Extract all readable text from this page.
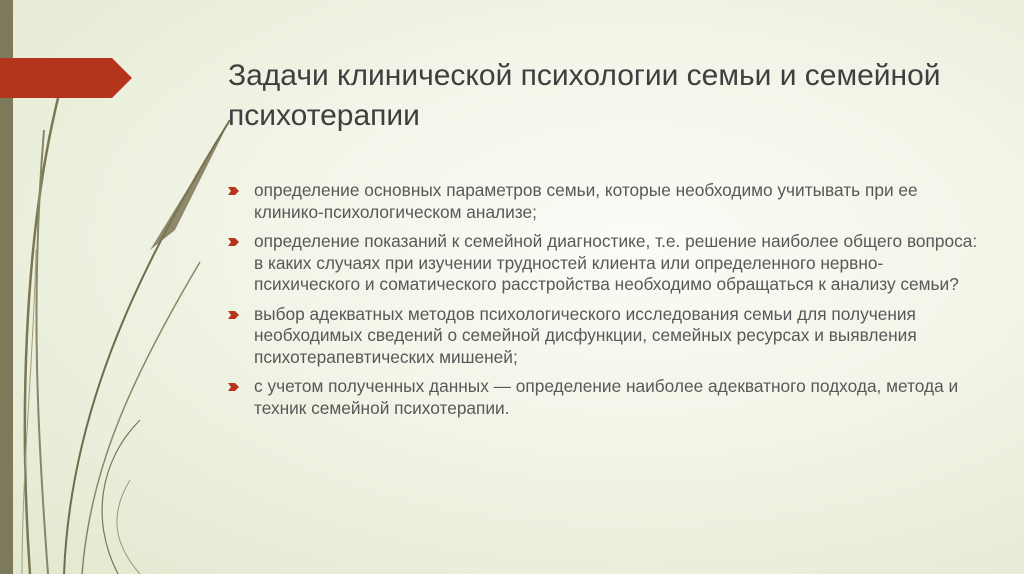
Задачи клинической психологии семьи и семейной психотерапии
определение основных параметров семьи, которые необходимо учитывать при ее клинико-психологическом анализе;
определение показаний к семейной диагностике, т.е. решение наиболее общего вопроса: в каких случаях при изучении трудностей клиента или определенного нервно-психического и соматического расстройства необходимо обращаться к анализу семьи?
выбор адекватных методов психологического исследования семьи для получения необходимых сведений о семейной дисфункции, семейных ресурсах и выявления психотерапевтических мишеней;
с учетом полученных данных — определение наиболее адекватного подхода, метода и техник семейной психотерапии.
